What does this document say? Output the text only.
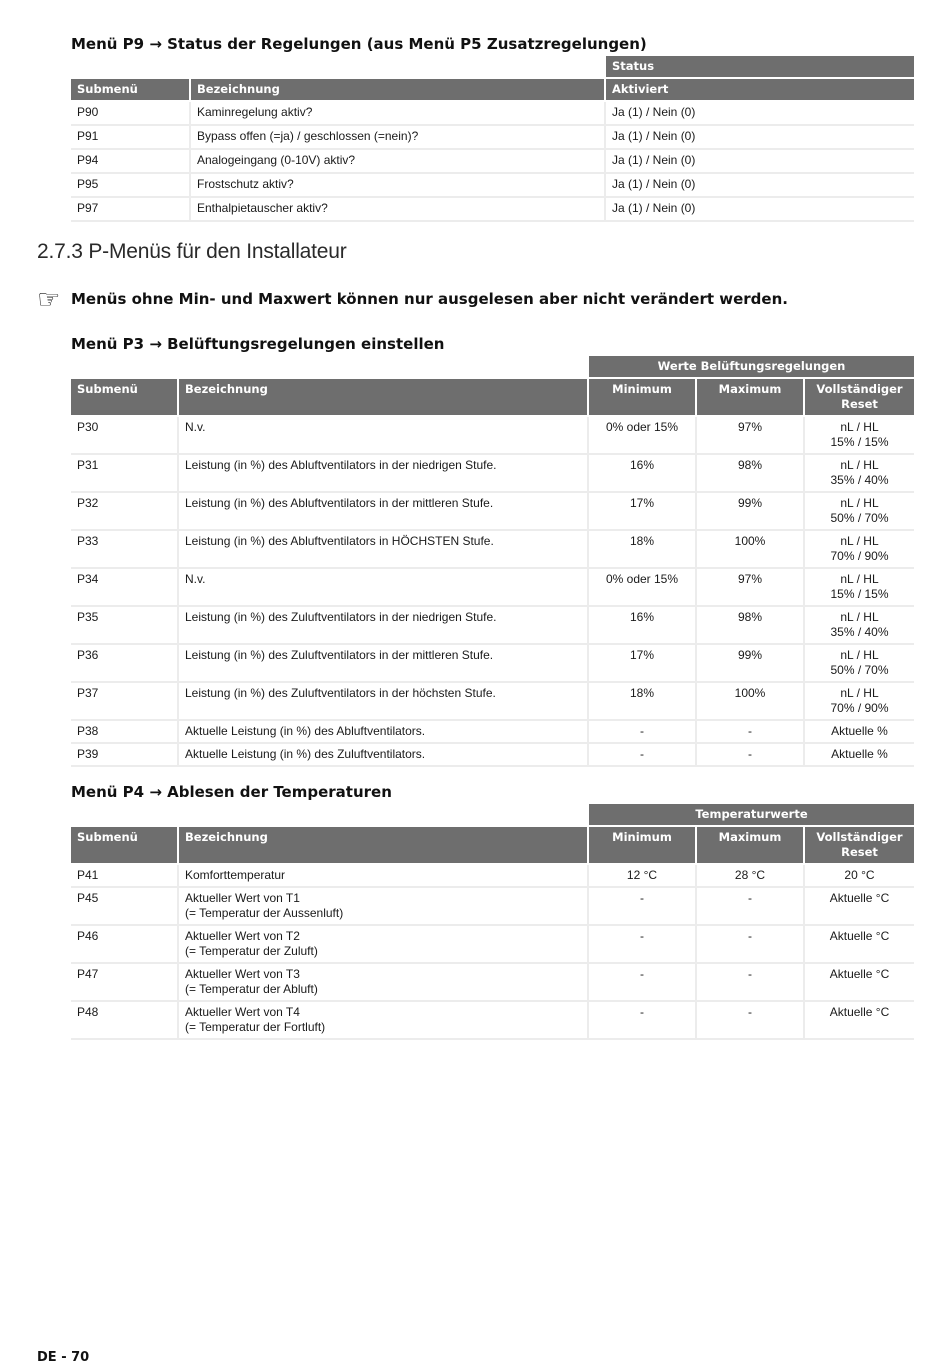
Menü P9 → Status der Regelungen (aus Menü P5 Zusatzregelungen)
		Status
Submenü	Bezeichnung	Aktiviert
P90	Kaminregelung aktiv?	Ja (1) / Nein (0)
P91	Bypass offen (=ja) / geschlossen (=nein)?	Ja (1) / Nein (0)
P94	Analogeingang (0-10V) aktiv?	Ja (1) / Nein (0)
P95	Frostschutz aktiv?	Ja (1) / Nein (0)
P97	Enthalpietauscher aktiv?	Ja (1) / Nein (0)
2.7.3 P-Menüs für den Installateur
☞ Menüs ohne Min- und Maxwert können nur ausgelesen aber nicht verändert werden.
Menü P3 → Belüftungsregelungen einstellen
		Werte Belüftungsregelungen		
Submenü	Bezeichnung	Minimum	Maximum	Vollständiger
Reset

P30	N.v.	0% oder 15%	97%	nL / HL
15% / 15%

P31	Leistung (in %) des Abluftventilators in der niedrigen Stufe.	16%	98%	nL / HL
35% / 40%

P32	Leistung (in %) des Abluftventilators in der mittleren Stufe.	17%	99%	nL / HL
50% / 70%

P33	Leistung (in %) des Abluftventilators in HÖCHSTEN Stufe.	18%	100%	nL / HL
70% / 90%

P34	N.v.	0% oder 15%	97%	nL / HL
15% / 15%

P35	Leistung (in %) des Zuluftventilators in der niedrigen Stufe.	16%	98%	nL / HL
35% / 40%

P36	Leistung (in %) des Zuluftventilators in der mittleren Stufe.	17%	99%	nL / HL
50% / 70%

P37	Leistung (in %) des Zuluftventilators in der höchsten Stufe.	18%	100%	nL / HL
70% / 90%

P38	Aktuelle Leistung (in %) des Abluftventilators.	-	-	Aktuelle %
P39	Aktuelle Leistung (in %) des Zuluftventilators.	-	-	Aktuelle %
Menü P4 → Ablesen der Temperaturen
		Temperaturwerte		
Submenü	Bezeichnung	Minimum	Maximum	Vollständiger
Reset

P41	Komforttemperatur	12 °C	28 °C	20 °C
P45	Aktueller Wert von T1
(= Temperatur der Aussenluft)	-	-	Aktuelle °C
P46	Aktueller Wert von T2
(= Temperatur der Zuluft)	-	-	Aktuelle °C
P47	Aktueller Wert von T3
(= Temperatur der Abluft)	-	-	Aktuelle °C
P48	Aktueller Wert von T4
(= Temperatur der Fortluft)	-	-	Aktuelle °C
DE - 70
